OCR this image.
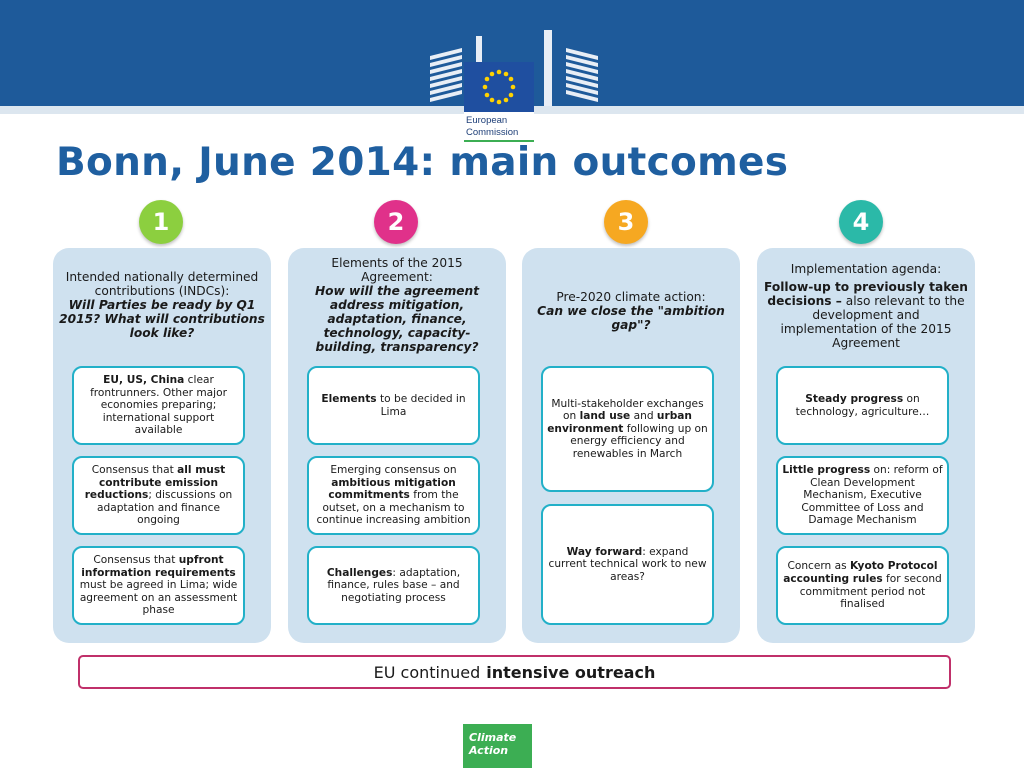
European
Commission
Bonn, June 2014: main outcomes
1	2	3	4
Intended nationally determined contributions (INDCs):
Will Parties be ready by Q1 2015? What will contributions look like?
EU, US, China clear frontrunners. Other major economies preparing; international support available
Consensus that all must contribute emission reductions; discussions on adaptation and finance ongoing
Consensus that upfront information requirements must be agreed in Lima; wide agreement on an assessment phase
Elements of the 2015 Agreement:
How will the agreement address mitigation, adaptation, finance, technology, capacity-building, transparency?
Elements to be decided in Lima
Emerging consensus on ambitious mitigation commitments from the outset, on a mechanism to continue increasing ambition
Challenges: adaptation, finance, rules base – and negotiating process
Pre-2020 climate action:
Can we close the "ambition gap"?
Multi-stakeholder exchanges on land use and urban environment following up on energy efficiency and renewables in March
Way forward: expand current technical work to new areas?
Implementation agenda:
Follow-up to previously taken decisions – also relevant to the development and implementation of the 2015 Agreement
Steady progress on technology, agriculture…
Little progress on: reform of Clean Development Mechanism, Executive Committee of Loss and Damage Mechanism
Concern as Kyoto Protocol accounting rules for second commitment period not finalised
EU continued intensive outreach
Climate
Action
